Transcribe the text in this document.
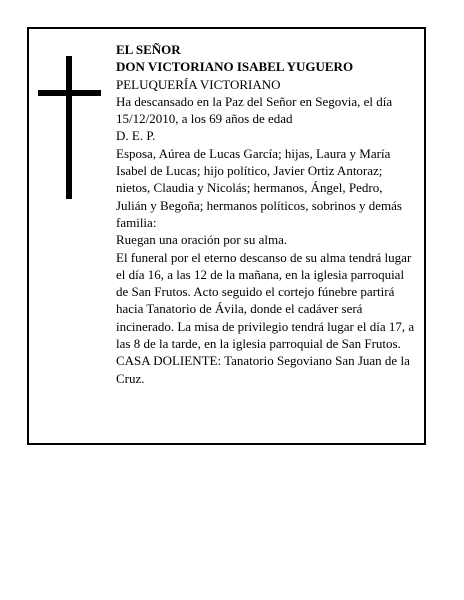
EL SEÑOR

DON VICTORIANO ISABEL YUGUERO

PELUQUERÍA VICTORIANO

Ha descansado en la Paz del Señor en Segovia, el día 15/12/2010, a los 69 años de edad

D. E. P.

Esposa, Aúrea de Lucas García; hijas, Laura y María Isabel de Lucas; hijo político, Javier Ortiz Antoraz; nietos, Claudia y Nicolás; hermanos, Ángel, Pedro, Julián y Begoña; hermanos políticos, sobrinos y demás familia:

Ruegan una oración por su alma.

El funeral por el eterno descanso de su alma tendrá lugar el día 16, a las 12 de la mañana, en la iglesia parroquial de San Frutos. Acto seguido el cortejo fúnebre partirá hacia Tanatorio de Ávila, donde el cadáver será incinerado. La misa de privilegio tendrá lugar el día 17, a las 8 de la tarde, en la iglesia parroquial de San Frutos.

CASA DOLIENTE: Tanatorio Segoviano San Juan de la Cruz.
